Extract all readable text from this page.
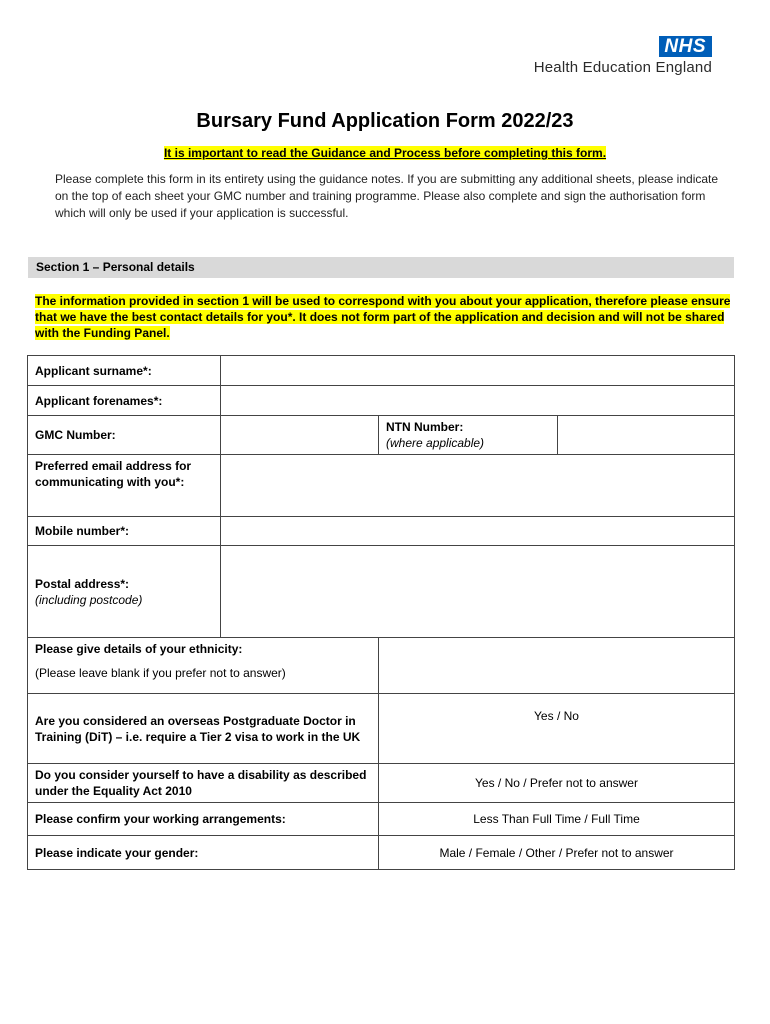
NHS
Health Education England
Bursary Fund Application Form 2022/23
It is important to read the Guidance and Process before completing this form.
Please complete this form in its entirety using the guidance notes. If you are submitting any additional sheets, please indicate on the top of each sheet your GMC number and training programme. Please also complete and sign the authorisation form which will only be used if your application is successful.
Section 1 – Personal details
The information provided in section 1 will be used to correspond with you about your application, therefore please ensure that we have the best contact details for you*. It does not form part of the application and decision and will not be shared with the Funding Panel.
Applicant surname*:			
Applicant forenames*:			
GMC Number:		NTN Number:
(where applicable)	

Preferred email address for communicating with you*:			
Mobile number*:			
Postal address*:
(including postcode)			

Please give details of your ethnicity:
(Please leave blank if you prefer not to answer)			

Are you considered an overseas Postgraduate Doctor in Training (DiT) – i.e. require a Tier 2 visa to work in the UK		Yes / No	
Do you consider yourself to have a disability as described under the Equality Act 2010		Yes / No / Prefer not to answer	
Please confirm your working arrangements:		Less Than Full Time / Full Time	
Please indicate your gender:		Male / Female / Other / Prefer not to answer	
